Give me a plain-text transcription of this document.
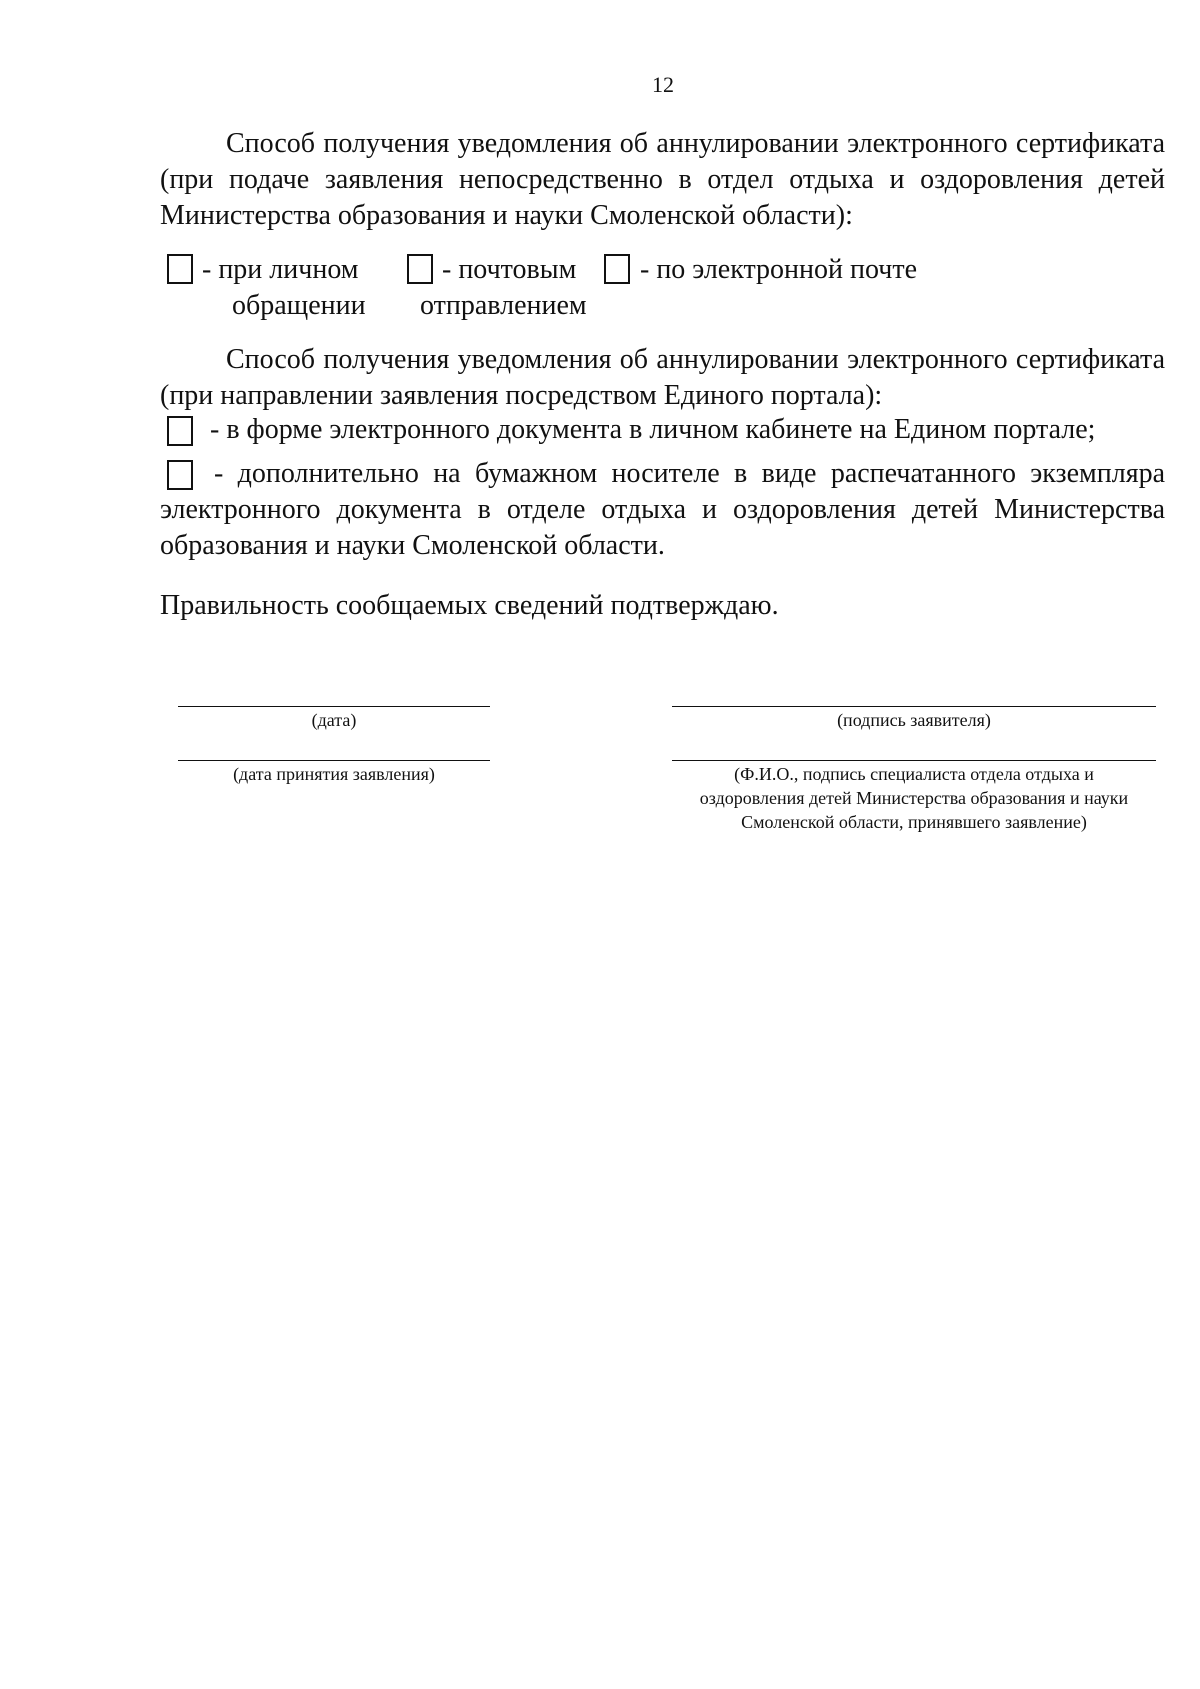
12
Способ получения уведомления об аннулировании электронного сертификата (при подаче заявления непосредственно в отдел отдыха и оздоровления детей Министерства образования и науки Смоленской области):
- при личном
обращении
- почтовым
отправлением
- по электронной почте
Способ получения уведомления об аннулировании электронного сертификата (при направлении заявления посредством Единого портала):
- в форме электронного документа в личном кабинете на Едином портале;
- дополнительно на бумажном носителе в виде распечатанного экземпляра электронного документа в отделе отдыха и оздоровления детей Министерства образования и науки Смоленской области.
Правильность сообщаемых сведений подтверждаю.
(дата)	(подпись заявителя)
(дата принятия заявления)	(Ф.И.О., подпись специалиста отдела отдыха и
оздоровления детей Министерства образования и науки
Смоленской области, принявшего заявление)
